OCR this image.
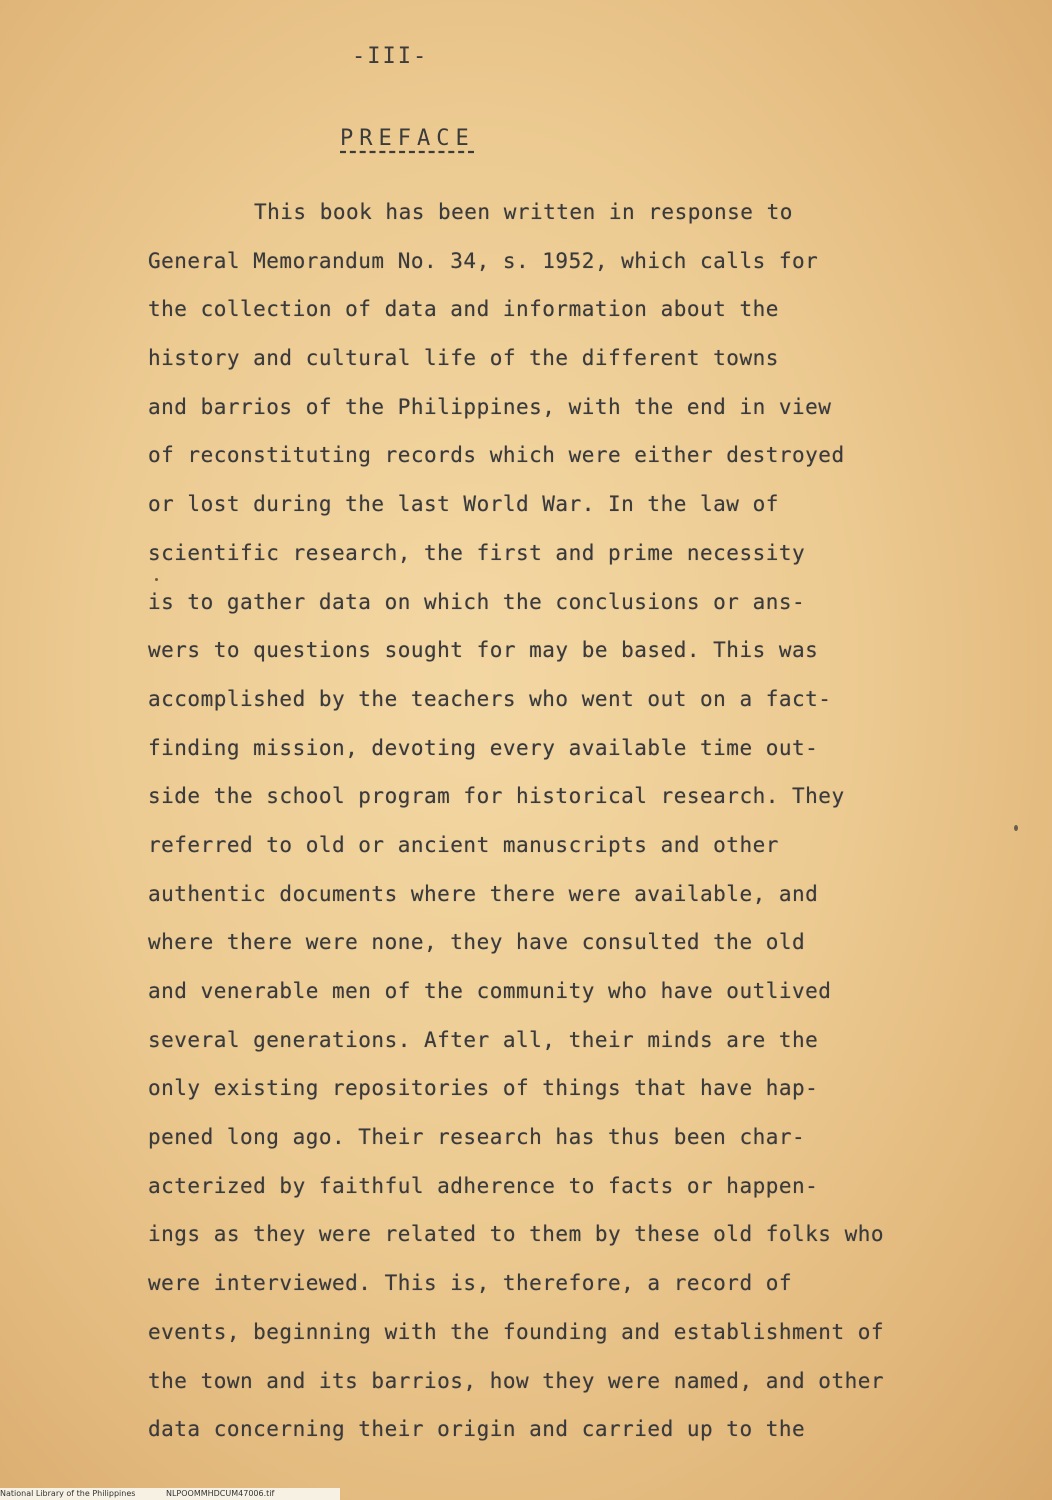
-III-
PREFACE
This book has been written in response to
General Memorandum No. 34, s. 1952, which calls for
the collection of data and information about the
history and cultural life of the different towns
and barrios of the Philippines, with the end in view
of reconstituting records which were either destroyed
or lost during the last World War. In the law of
scientific research, the first and prime necessity
is to gather data on which the conclusions or ans-
wers to questions sought for may be based. This was
accomplished by the teachers who went out on a fact-
finding mission, devoting every available time out-
side the school program for historical research. They
referred to old or ancient manuscripts and other
authentic documents where there were available, and
where there were none, they have consulted the old
and venerable men of the community who have outlived
several generations. After all, their minds are the
only existing repositories of things that have hap-
pened long ago. Their research has thus been char-
acterized by faithful adherence to facts or happen-
ings as they were related to them by these old folks who
were interviewed. This is, therefore, a record of
events, beginning with the founding and establishment of
the town and its barrios, how they were named, and other
data concerning their origin and carried up to the
National Library of the Philippines	NLPOOMMHDCUM47006.tif
